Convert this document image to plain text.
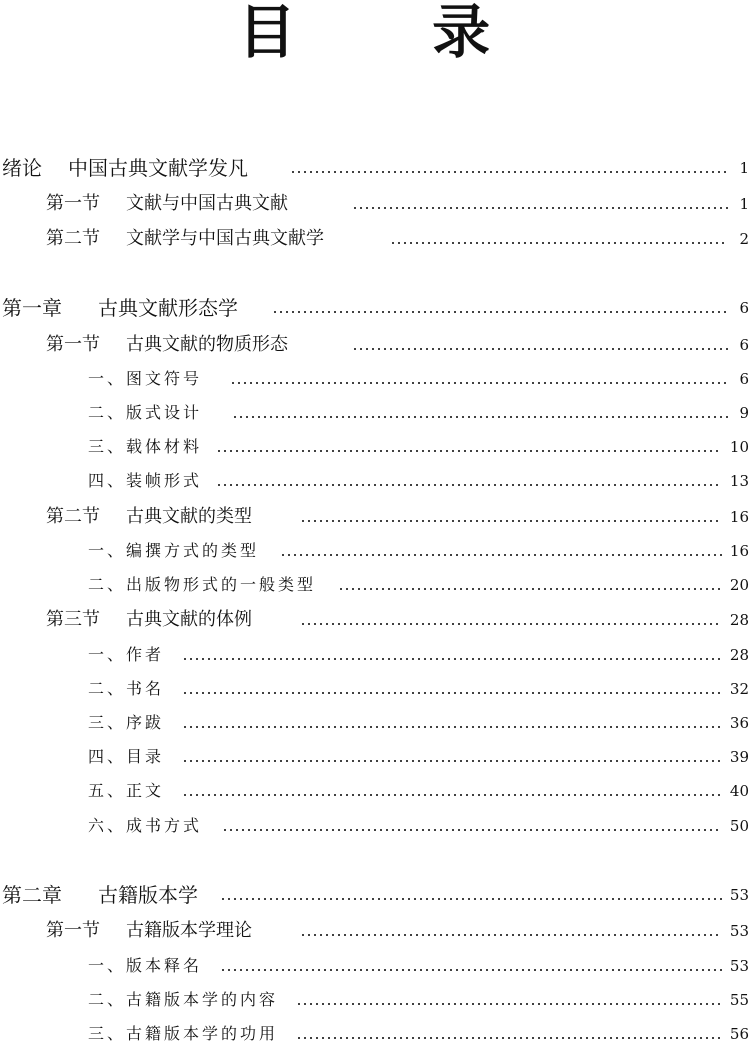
目 录
绪论 中国古典文献学发凡	1
第一节 文献与中国古典文献	1
第二节 文献学与中国古典文献学	2
第一章 古典文献形态学	6
第一节 古典文献的物质形态	6
一、图文符号	6
二、版式设计	9
三、载体材料	10
四、装帧形式	13
第二节 古典文献的类型	16
一、编撰方式的类型	16
二、出版物形式的一般类型	20
第三节 古典文献的体例	28
一、作者	28
二、书名	32
三、序跋	36
四、目录	39
五、正文	40
六、成书方式	50
第二章 古籍版本学	53
第一节 古籍版本学理论	53
一、版本释名	53
二、古籍版本学的内容	55
三、古籍版本学的功用	56
